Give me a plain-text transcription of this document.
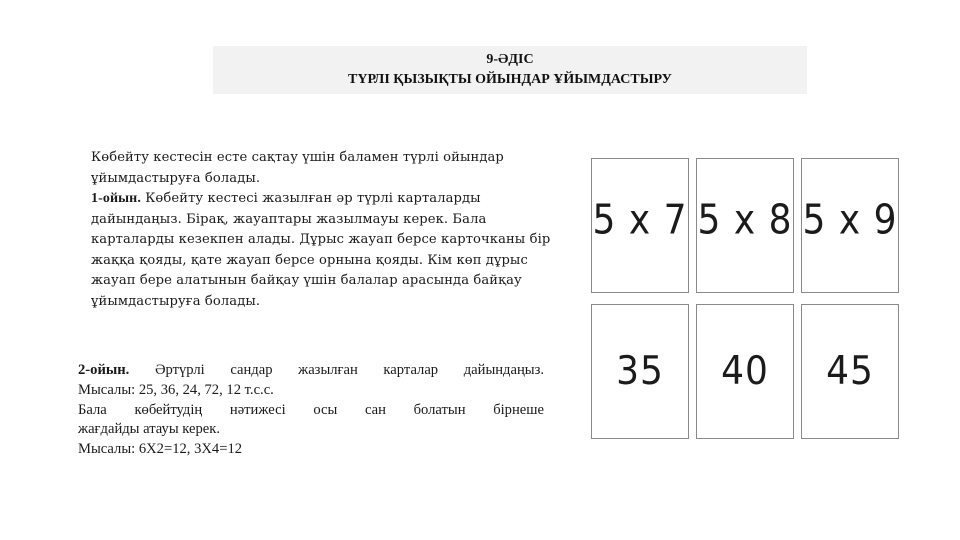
9-ӘДІС
ТҮРЛІ ҚЫЗЫҚТЫ ОЙЫНДАР ҰЙЫМДАСТЫРУ

Көбейту кестесін есте сақтау үшін баламен түрлі ойындар ұйымдастыруға болады.

1-ойын. Көбейту кестесі жазылған әр түрлі карталарды дайындаңыз. Бірақ, жауаптары жазылмауы керек. Бала карталарды кезекпен алады. Дұрыс жауап берсе карточканы бір жаққа қояды, қате жауап берсе орнына қояды. Кім көп дұрыс жауап бере алатынын байқау үшін балалар арасында байқау ұйымдастыруға болады.

2-ойын. Әртүрлі сандар жазылған карталар дайындаңыз.

Мысалы: 25, 36, 24, 72, 12 т.с.с.

Бала көбейтудің нәтижесі осы сан болатын бірнеше

жағдайды атауы керек.

Мысалы: 6Х2=12, 3Х4=12

5 x 7 5 x 8 5 x 9
35 40 45
